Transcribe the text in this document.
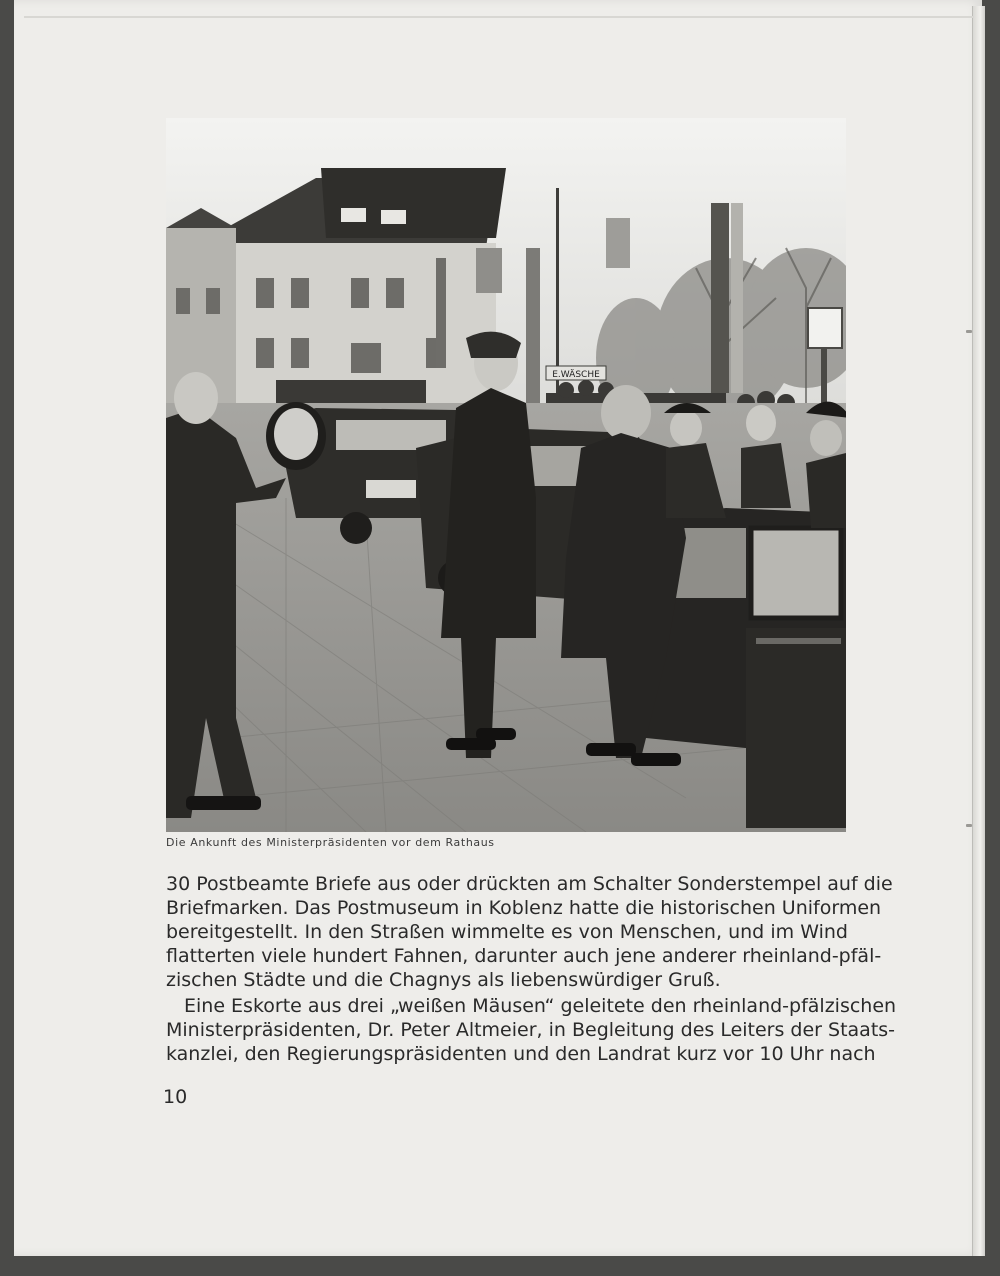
E.WÄSCHE
Die Ankunft des Ministerpräsidenten vor dem Rathaus
30 Postbeamte Briefe aus oder drückten am Schalter Sonderstempel auf die
Briefmarken. Das Postmuseum in Koblenz hatte die historischen Uniformen
bereitgestellt. In den Straßen wimmelte es von Menschen, und im Wind
flatterten viele hundert Fahnen, darunter auch jene anderer rheinland-pfäl-
zischen Städte und die Chagnys als liebenswürdiger Gruß.
Eine Eskorte aus drei „weißen Mäusen“ geleitete den rheinland-pfälzischen
Ministerpräsidenten, Dr. Peter Altmeier, in Begleitung des Leiters der Staats-
kanzlei, den Regierungspräsidenten und den Landrat kurz vor 10 Uhr nach
10
